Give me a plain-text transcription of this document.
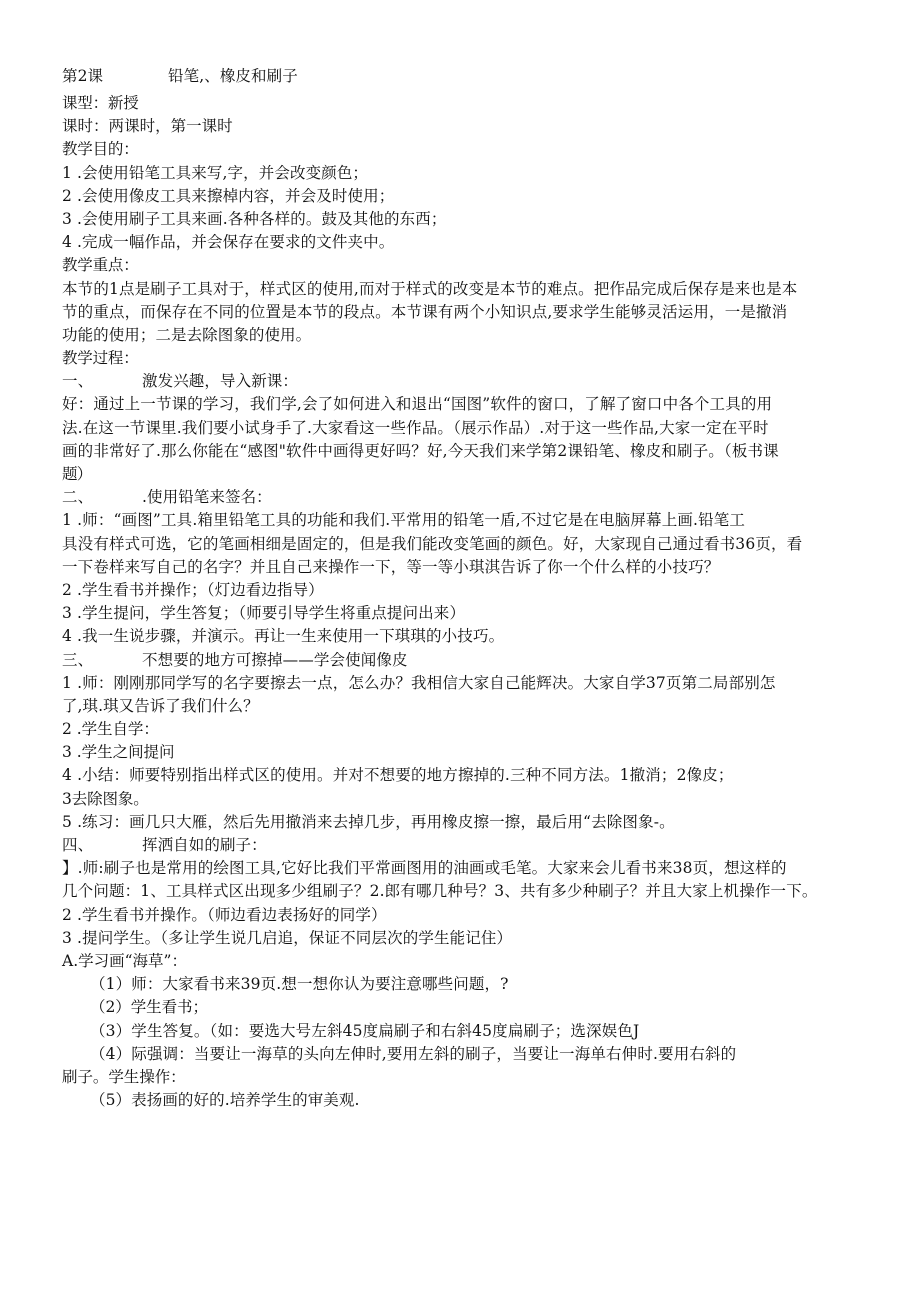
第2课	铅笔,、橡皮和刷子
课型：新授
课时：两课时，第一课时
教学目的：
1 .会使用铅笔工具来写,字，并会改变颜色；
2 .会使用像皮工具来擦棹内容，并会及时使用；
3 .会使用刷子工具来画.各种各样的。鼓及其他的东西；
4 .完成一幅作品，并会保存在要求的文件夹中。
教学重点：
本节的1点是刷子工具对于，样式区的使用,而对于样式的改变是本节的难点。把作品完成后保存是来也是本
节的重点，而保存在不同的位置是本节的段点。本节课有两个小知识点,要求学生能够灵活运用，一是撤消
功能的使用；二是去除图象的使用。
教学过程：
一、	激发兴趣，导入新课：
好：通过上一节课的学习，我们学,会了如何进入和退出“国图”软件的窗口，了解了窗口中各个工具的用
法.在这一节课里.我们要小试身手了.大家看这一些作品。（展示作品）.对于这一些作品,大家一定在平时
画的非常好了.那么你能在“感图"软件中画得更好吗？好,今天我们来学第2课铅笔、橡皮和刷子。（板书课
题）
二、	.使用铅笔来签名：
1 .师：“画图”工具.箱里铅笔工具的功能和我们.平常用的铅笔一盾,不过它是在电脑屏幕上画.铅笔工
具没有样式可选，它的笔画相细是固定的，但是我们能改变笔画的颜色。好，大家现自己通过看书36页，看
一下卷样来写自己的名字？并且自己来操作一下，等一等小琪淇告诉了你一个什么样的小技巧？
2 .学生看书并操作；（灯边看边指导）
3 .学生提问，学生答复；（师要引导学生将重点提问出来）
4 .我一生说步骤，并演示。再让一生来使用一下琪琪的小技巧。
三、	不想要的地方可擦掉——学会使闻像皮
1 .师：刚刚那同学写的名字要擦去一点，怎么办？我相信大家自己能辉决。大家自学37页第二局部别怎
了,琪.琪又告诉了我们什么？
2 .学生自学：
3 .学生之间提问
4 .小结：师要特别指出样式区的使用。并对不想要的地方擦掉的.三种不同方法。1撤消；2像皮；
3去除图象。
5 .练习：画几只大雁，然后先用撤消来去掉几步，再用橡皮擦一擦，最后用“去除图象-。
四、	挥洒自如的刷子：
】.师:刷子也是常用的绘图工具,它好比我们平常画图用的油画或毛笔。大家来会儿看书来38页，想这样的
几个问题：1、工具样式区出现多少组刷子？2.郎有哪几种号？3、共有多少种刷子？并且大家上机操作一下。
2 .学生看书并操作。（师边看边表扬好的同学）
3 .提问学生。（多让学生说几启追，保证不同层次的学生能记住）
A.学习画“海草”：
（1）师：大家看书来39页.想一想你认为要注意哪些问题，?
（2）学生看书；
（3）学生答复。（如：要选大号左斜45度扁刷子和右斜45度扁刷子；选深娱色J
（4）际强调：当要让一海草的头向左伸时,要用左斜的刷子，当要让一海单右伸时.要用右斜的
刷子。学生操作：
（5）表扬画的好的.培养学生的审美观.
